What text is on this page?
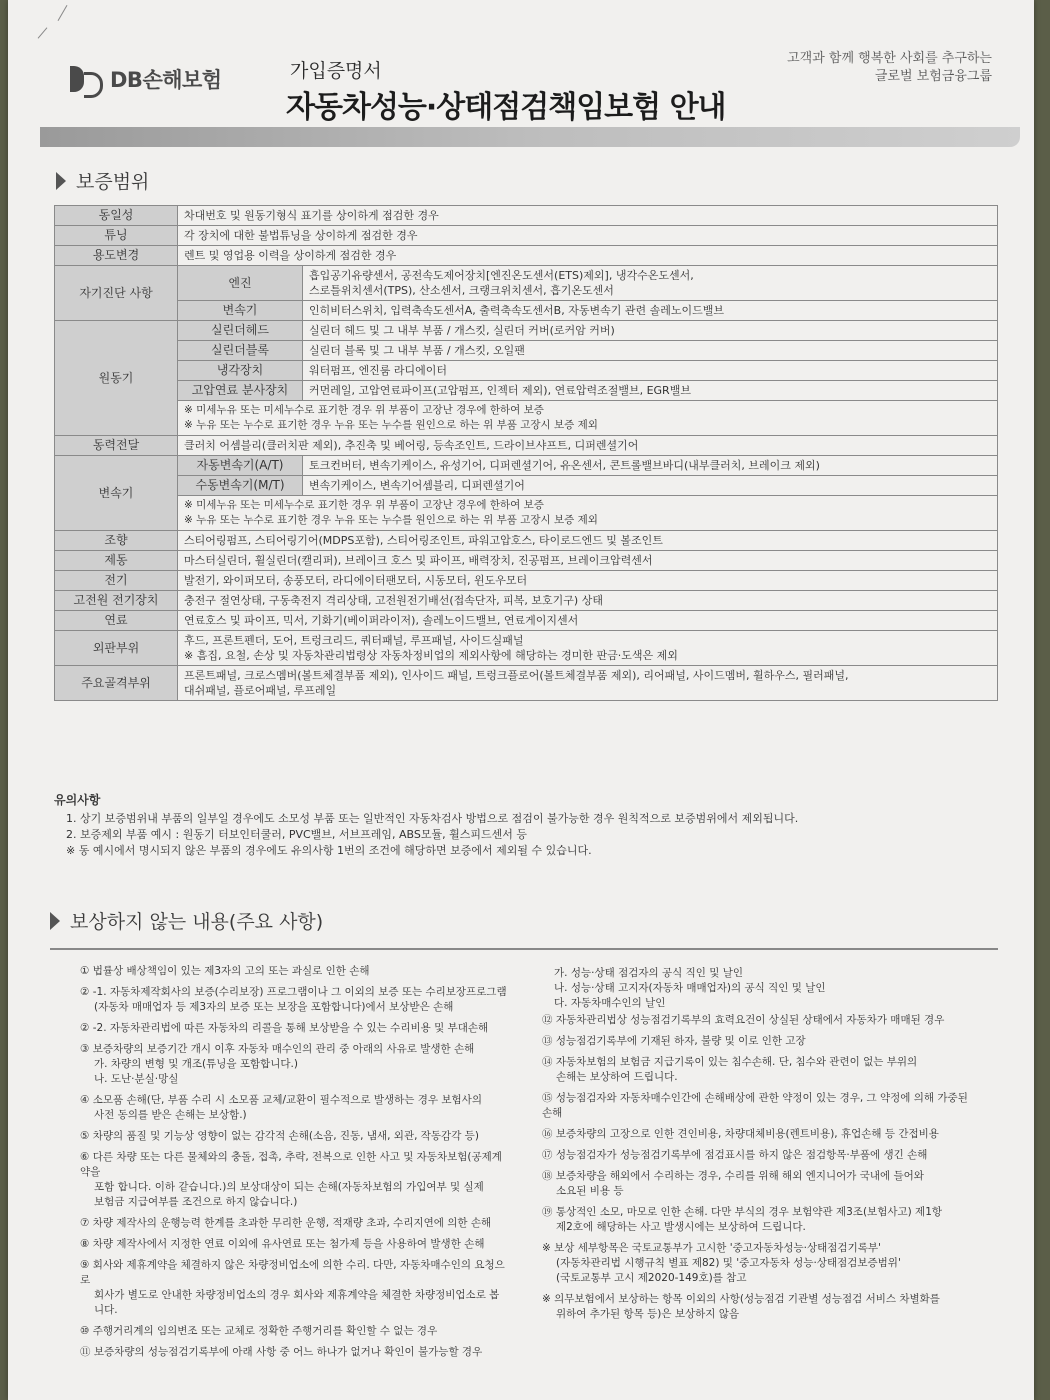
DB손해보험	가입증명서
자동차성능·상태점검책임보험 안내
고객과 함께 행복한 사회를 추구하는
글로벌 보험금융그룹
보증범위
동일성	차대번호 및 원동기형식 표기를 상이하게 점검한 경우	
튜닝	각 장치에 대한 불법튜닝을 상이하게 점검한 경우	
용도변경	렌트 및 영업용 이력을 상이하게 점검한 경우	
자기진단 사항	엔진	흡입공기유량센서, 공전속도제어장치[엔진온도센서(ETS)제외], 냉각수온도센서,
스로틀위치센서(TPS), 산소센서, 크랭크위치센서, 흡기온도센서

	변속기	인히비터스위치, 입력축속도센서A, 출력축속도센서B, 자동변속기 관련 솔레노이드밸브
원동기	실린더헤드	실린더 헤드 및 그 내부 부품 / 개스킷, 실린더 커버(로커암 커버)
	실린더블록	실린더 블록 및 그 내부 부품 / 개스킷, 오일팬
	냉각장치	워터펌프, 엔진룸 라디에이터
	고압연료 분사장치	커먼레일, 고압연료파이프(고압펌프, 인젝터 제외), 연료압력조절밸브, EGR밸브

	※ 미세누유 또는 미세누수로 표기한 경우 위 부품이 고장난 경우에 한하여 보증
※ 누유 또는 누수로 표기한 경우 누유 또는 누수를 원인으로 하는 위 부품 고장시 보증 제외	

동력전달	클러치 어셈블리(클러치판 제외), 추진축 및 베어링, 등속조인트, 드라이브샤프트, 디퍼렌셜기어	
변속기	자동변속기(A/T)	토크컨버터, 변속기케이스, 유성기어, 디퍼렌셜기어, 유온센서, 콘트롤밸브바디(내부클러치, 브레이크 제외)
	수동변속기(M/T)	변속기케이스, 변속기어셈블리, 디퍼렌셜기어

	※ 미세누유 또는 미세누수로 표기한 경우 위 부품이 고장난 경우에 한하여 보증
※ 누유 또는 누수로 표기한 경우 누유 또는 누수를 원인으로 하는 위 부품 고장시 보증 제외	

조향	스티어링펌프, 스티어링기어(MDPS포함), 스티어링조인트, 파워고압호스, 타이로드엔드 및 볼조인트	
제동	마스터실린더, 휠실린더(캘리퍼), 브레이크 호스 및 파이프, 배력장치, 진공펌프, 브레이크압력센서	
전기	발전기, 와이퍼모터, 송풍모터, 라디에이터팬모터, 시동모터, 윈도우모터	
고전원 전기장치	충전구 절연상태, 구동축전지 격리상태, 고전원전기배선(접속단자, 피복, 보호기구) 상태	
연료	연료호스 및 파이프, 믹서, 기화기(베이퍼라이저), 솔레노이드밸브, 연료게이지센서	
외판부위	후드, 프론트펜더, 도어, 트렁크리드, 쿼터패널, 루프패널, 사이드실패널
※ 흠집, 요철, 손상 및 자동차관리법령상 자동차정비업의 제외사항에 해당하는 경미한 판금·도색은 제외	

주요골격부위	프론트패널, 크로스멤버(볼트체결부품 제외), 인사이드 패널, 트렁크플로어(볼트체결부품 제외), 리어패널, 사이드멤버, 휠하우스, 필러패널,
대쉬패널, 플로어패널, 루프레일	
유의사항
1. 상기 보증범위내 부품의 일부일 경우에도 소모성 부품 또는 일반적인 자동차검사 방법으로 점검이 불가능한 경우 원칙적으로 보증범위에서 제외됩니다.
2. 보증제외 부품 예시 : 원동기 터보인터쿨러, PVC밸브, 서브프레임, ABS모듈, 휠스피드센서 등
※ 동 예시에서 명시되지 않은 부품의 경우에도 유의사항 1번의 조건에 해당하면 보증에서 제외될 수 있습니다.
보상하지 않는 내용(주요 사항)
① 법률상 배상책임이 있는 제3자의 고의 또는 과실로 인한 손해
② -1. 자동차제작회사의 보증(수리보장) 프로그램이나 그 이외의 보증 또는 수리보장프로그램
(자동차 매매업자 등 제3자의 보증 또는 보장을 포함합니다)에서 보상받은 손해
② -2. 자동차관리법에 따른 자동차의 리콜을 통해 보상받을 수 있는 수리비용 및 부대손해
③ 보증차량의 보증기간 개시 이후 자동차 매수인의 관리 중 아래의 사유로 발생한 손해
가. 차량의 변형 및 개조(튜닝을 포함합니다.)
나. 도난·분실·망실
④ 소모품 손해(단, 부품 수리 시 소모품 교체/교환이 필수적으로 발생하는 경우 보험사의
사전 동의를 받은 손해는 보상함.)
⑤ 차량의 품질 및 기능상 영향이 없는 감각적 손해(소음, 진동, 냄새, 외관, 작동감각 등)
⑥ 다른 차량 또는 다른 물체와의 충돌, 접촉, 추락, 전복으로 인한 사고 및 자동차보험(공제계약을
포함 합니다. 이하 같습니다.)의 보상대상이 되는 손해(자동차보험의 가입여부 및 실제
보험금 지급여부를 조건으로 하지 않습니다.)
⑦ 차량 제작사의 운행능력 한계를 초과한 무리한 운행, 적재량 초과, 수리지연에 의한 손해
⑧ 차량 제작사에서 지정한 연료 이외에 유사연료 또는 첨가제 등을 사용하여 발생한 손해
⑨ 회사와 제휴계약을 체결하지 않은 차량정비업소에 의한 수리. 다만, 자동차매수인의 요청으로
회사가 별도로 안내한 차량정비업소의 경우 회사와 제휴계약을 체결한 차량정비업소로 봅니다.
⑩ 주행거리계의 임의변조 또는 교체로 정확한 주행거리를 확인할 수 없는 경우
⑪ 보증차량의 성능점검기록부에 아래 사항 중 어느 하나가 없거나 확인이 불가능할 경우
가. 성능·상태 점검자의 공식 직인 및 날인
나. 성능·상태 고지자(자동차 매매업자)의 공식 직인 및 날인
다. 자동차매수인의 날인
⑫ 자동차관리법상 성능점검기록부의 효력요건이 상실된 상태에서 자동차가 매매된 경우
⑬ 성능점검기록부에 기재된 하자, 불량 및 이로 인한 고장
⑭ 자동차보험의 보험금 지급기록이 있는 침수손해. 단, 침수와 관련이 없는 부위의
손해는 보상하여 드립니다.
⑮ 성능점검자와 자동차매수인간에 손해배상에 관한 약정이 있는 경우, 그 약정에 의해 가중된 손해
⑯ 보증차량의 고장으로 인한 견인비용, 차량대체비용(렌트비용), 휴업손해 등 간접비용
⑰ 성능점검자가 성능점검기록부에 점검표시를 하지 않은 점검항목·부품에 생긴 손해
⑱ 보증차량을 해외에서 수리하는 경우, 수리를 위해 해외 엔지니어가 국내에 들어와
소요된 비용 등
⑲ 통상적인 소모, 마모로 인한 손해. 다만 부식의 경우 보험약관 제3조(보험사고) 제1항
제2호에 해당하는 사고 발생시에는 보상하여 드립니다.
※ 보상 세부항목은 국토교통부가 고시한 '중고자동차성능·상태점검기록부'
(자동차관리법 시행규칙 별표 제82) 및 '중고자동차 성능·상태점검보증범위'
(국토교통부 고시 제2020-149호)를 참고
※ 의무보험에서 보상하는 항목 이외의 사항(성능점검 기관별 성능점검 서비스 차별화를
위하여 추가된 항목 등)은 보상하지 않음
